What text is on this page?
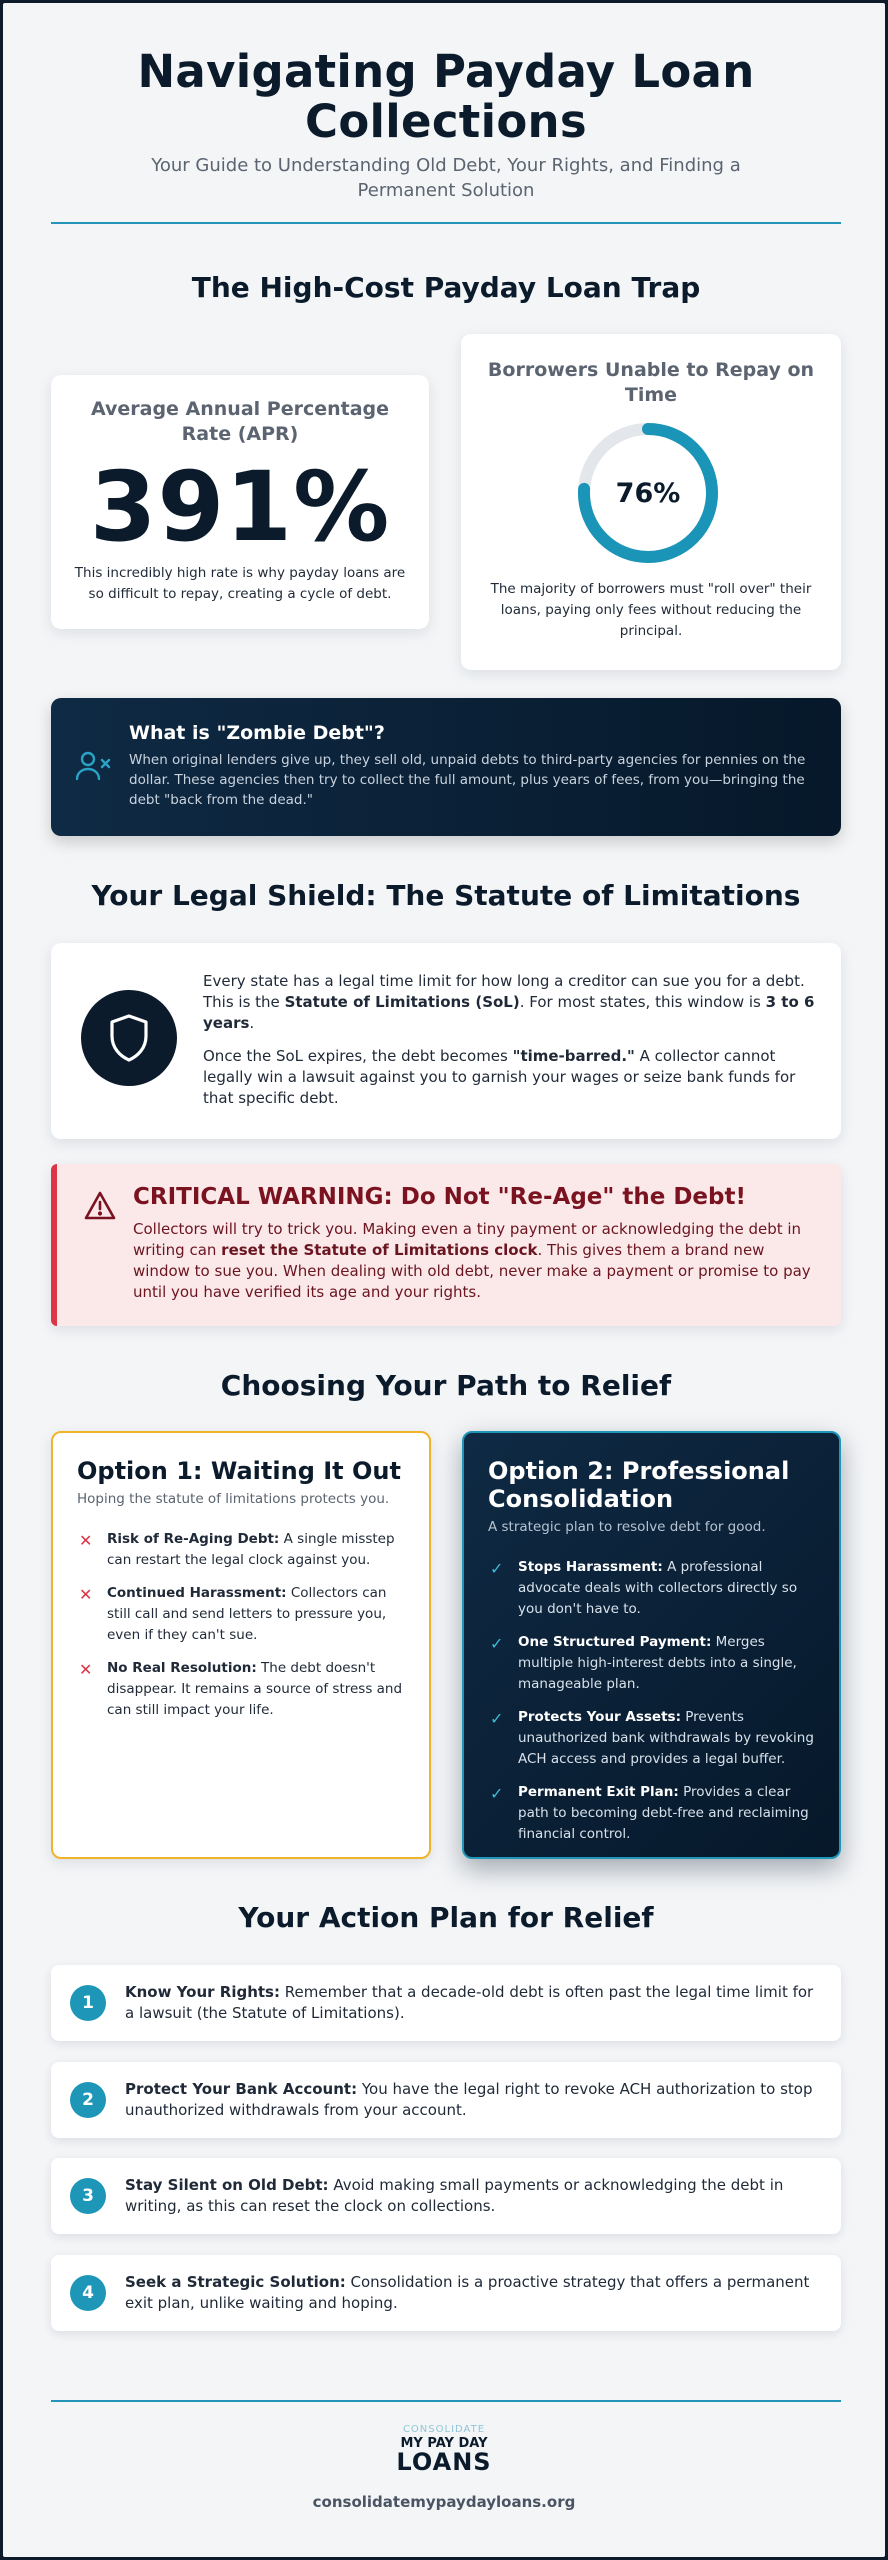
Navigating Payday Loan
Collections
Your Guide to Understanding Old Debt, Your Rights, and Finding a Permanent Solution
The High-Cost Payday Loan Trap
Average Annual Percentage Rate (APR)
391%
This incredibly high rate is why payday loans are so difficult to repay, creating a cycle of debt.
Borrowers Unable to Repay on Time
76%
The majority of borrowers must "roll over" their loans, paying only fees without reducing the principal.
What is "Zombie Debt"?
When original lenders give up, they sell old, unpaid debts to third-party agencies for pennies on the dollar. These agencies then try to collect the full amount, plus years of fees, from you—bringing the debt "back from the dead."
Your Legal Shield: The Statute of Limitations

Every state has a legal time limit for how long a creditor can sue you for a debt. This is the Statute of Limitations (SoL). For most states, this window is 3 to 6 years.

Once the SoL expires, the debt becomes "time-barred." A collector cannot legally win a lawsuit against you to garnish your wages or seize bank funds for that specific debt.

CRITICAL WARNING: Do Not "Re-Age" the Debt!
Collectors will try to trick you. Making even a tiny payment or acknowledging the debt in writing can reset the Statute of Limitations clock. This gives them a brand new window to sue you. When dealing with old debt, never make a payment or promise to pay until you have verified its age and your rights.
Choosing Your Path to Relief
Option 1: Waiting It Out
Hoping the statute of limitations protects you.
✕ Risk of Re-Aging Debt: A single misstep can restart the legal clock against you.
✕ Continued Harassment: Collectors can still call and send letters to pressure you, even if they can't sue.
✕ No Real Resolution: The debt doesn't disappear. It remains a source of stress and can still impact your life.
Option 2: Professional Consolidation
A strategic plan to resolve debt for good.
✓ Stops Harassment: A professional advocate deals with collectors directly so you don't have to.
✓ One Structured Payment: Merges multiple high-interest debts into a single, manageable plan.
✓ Protects Your Assets: Prevents unauthorized bank withdrawals by revoking ACH access and provides a legal buffer.
✓ Permanent Exit Plan: Provides a clear path to becoming debt-free and reclaiming financial control.
Your Action Plan for Relief
1
Know Your Rights: Remember that a decade-old debt is often past the legal time limit for a lawsuit (the Statute of Limitations).
2
Protect Your Bank Account: You have the legal right to revoke ACH authorization to stop unauthorized withdrawals from your account.
3
Stay Silent on Old Debt: Avoid making small payments or acknowledging the debt in writing, as this can reset the clock on collections.
4
Seek a Strategic Solution: Consolidation is a proactive strategy that offers a permanent exit plan, unlike waiting and hoping.
CONSOLIDATE
MY PAY DAY
LOANS
consolidatemypaydayloans.org
